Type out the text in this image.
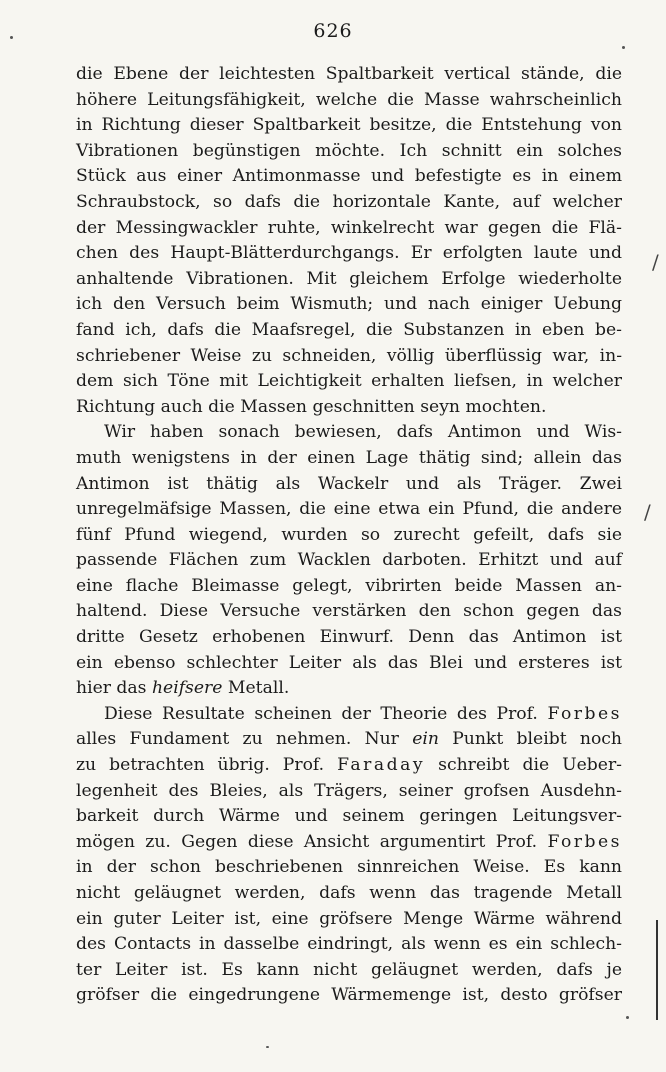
626
die Ebene der leichtesten Spaltbarkeit vertical stände, die
höhere Leitungsfähigkeit, welche die Masse wahrscheinlich
in Richtung dieser Spaltbarkeit besitze, die Entstehung von
Vibrationen begünstigen möchte. Ich schnitt ein solches
Stück aus einer Antimonmasse und befestigte es in einem
Schraubstock, so dafs die horizontale Kante, auf welcher
der Messingwackler ruhte, winkelrecht war gegen die Flä-
chen des Haupt-Blätterdurchgangs. Er erfolgten laute und
anhaltende Vibrationen. Mit gleichem Erfolge wiederholte
ich den Versuch beim Wismuth; und nach einiger Uebung
fand ich, dafs die Maafsregel, die Substanzen in eben be-
schriebener Weise zu schneiden, völlig überflüssig war, in-
dem sich Töne mit Leichtigkeit erhalten liefsen, in welcher
Richtung auch die Massen geschnitten seyn mochten.
Wir haben sonach bewiesen, dafs Antimon und Wis-
muth wenigstens in der einen Lage thätig sind; allein das
Antimon ist thätig als Wackelr und als Träger. Zwei
unregelmäfsige Massen, die eine etwa ein Pfund, die andere
fünf Pfund wiegend, wurden so zurecht gefeilt, dafs sie
passende Flächen zum Wacklen darboten. Erhitzt und auf
eine flache Bleimasse gelegt, vibrirten beide Massen an-
haltend. Diese Versuche verstärken den schon gegen das
dritte Gesetz erhobenen Einwurf. Denn das Antimon ist
ein ebenso schlechter Leiter als das Blei und ersteres ist
hier das heifsere Metall.
Diese Resultate scheinen der Theorie des Prof. Forbes
alles Fundament zu nehmen. Nur ein Punkt bleibt noch
zu betrachten übrig. Prof. Faraday schreibt die Ueber-
legenheit des Bleies, als Trägers, seiner grofsen Ausdehn-
barkeit durch Wärme und seinem geringen Leitungsver-
mögen zu. Gegen diese Ansicht argumentirt Prof. Forbes
in der schon beschriebenen sinnreichen Weise. Es kann
nicht geläugnet werden, dafs wenn das tragende Metall
ein guter Leiter ist, eine gröfsere Menge Wärme während
des Contacts in dasselbe eindringt, als wenn es ein schlech-
ter Leiter ist. Es kann nicht geläugnet werden, dafs je
gröfser die eingedrungene Wärmemenge ist, desto gröfser
/
/
